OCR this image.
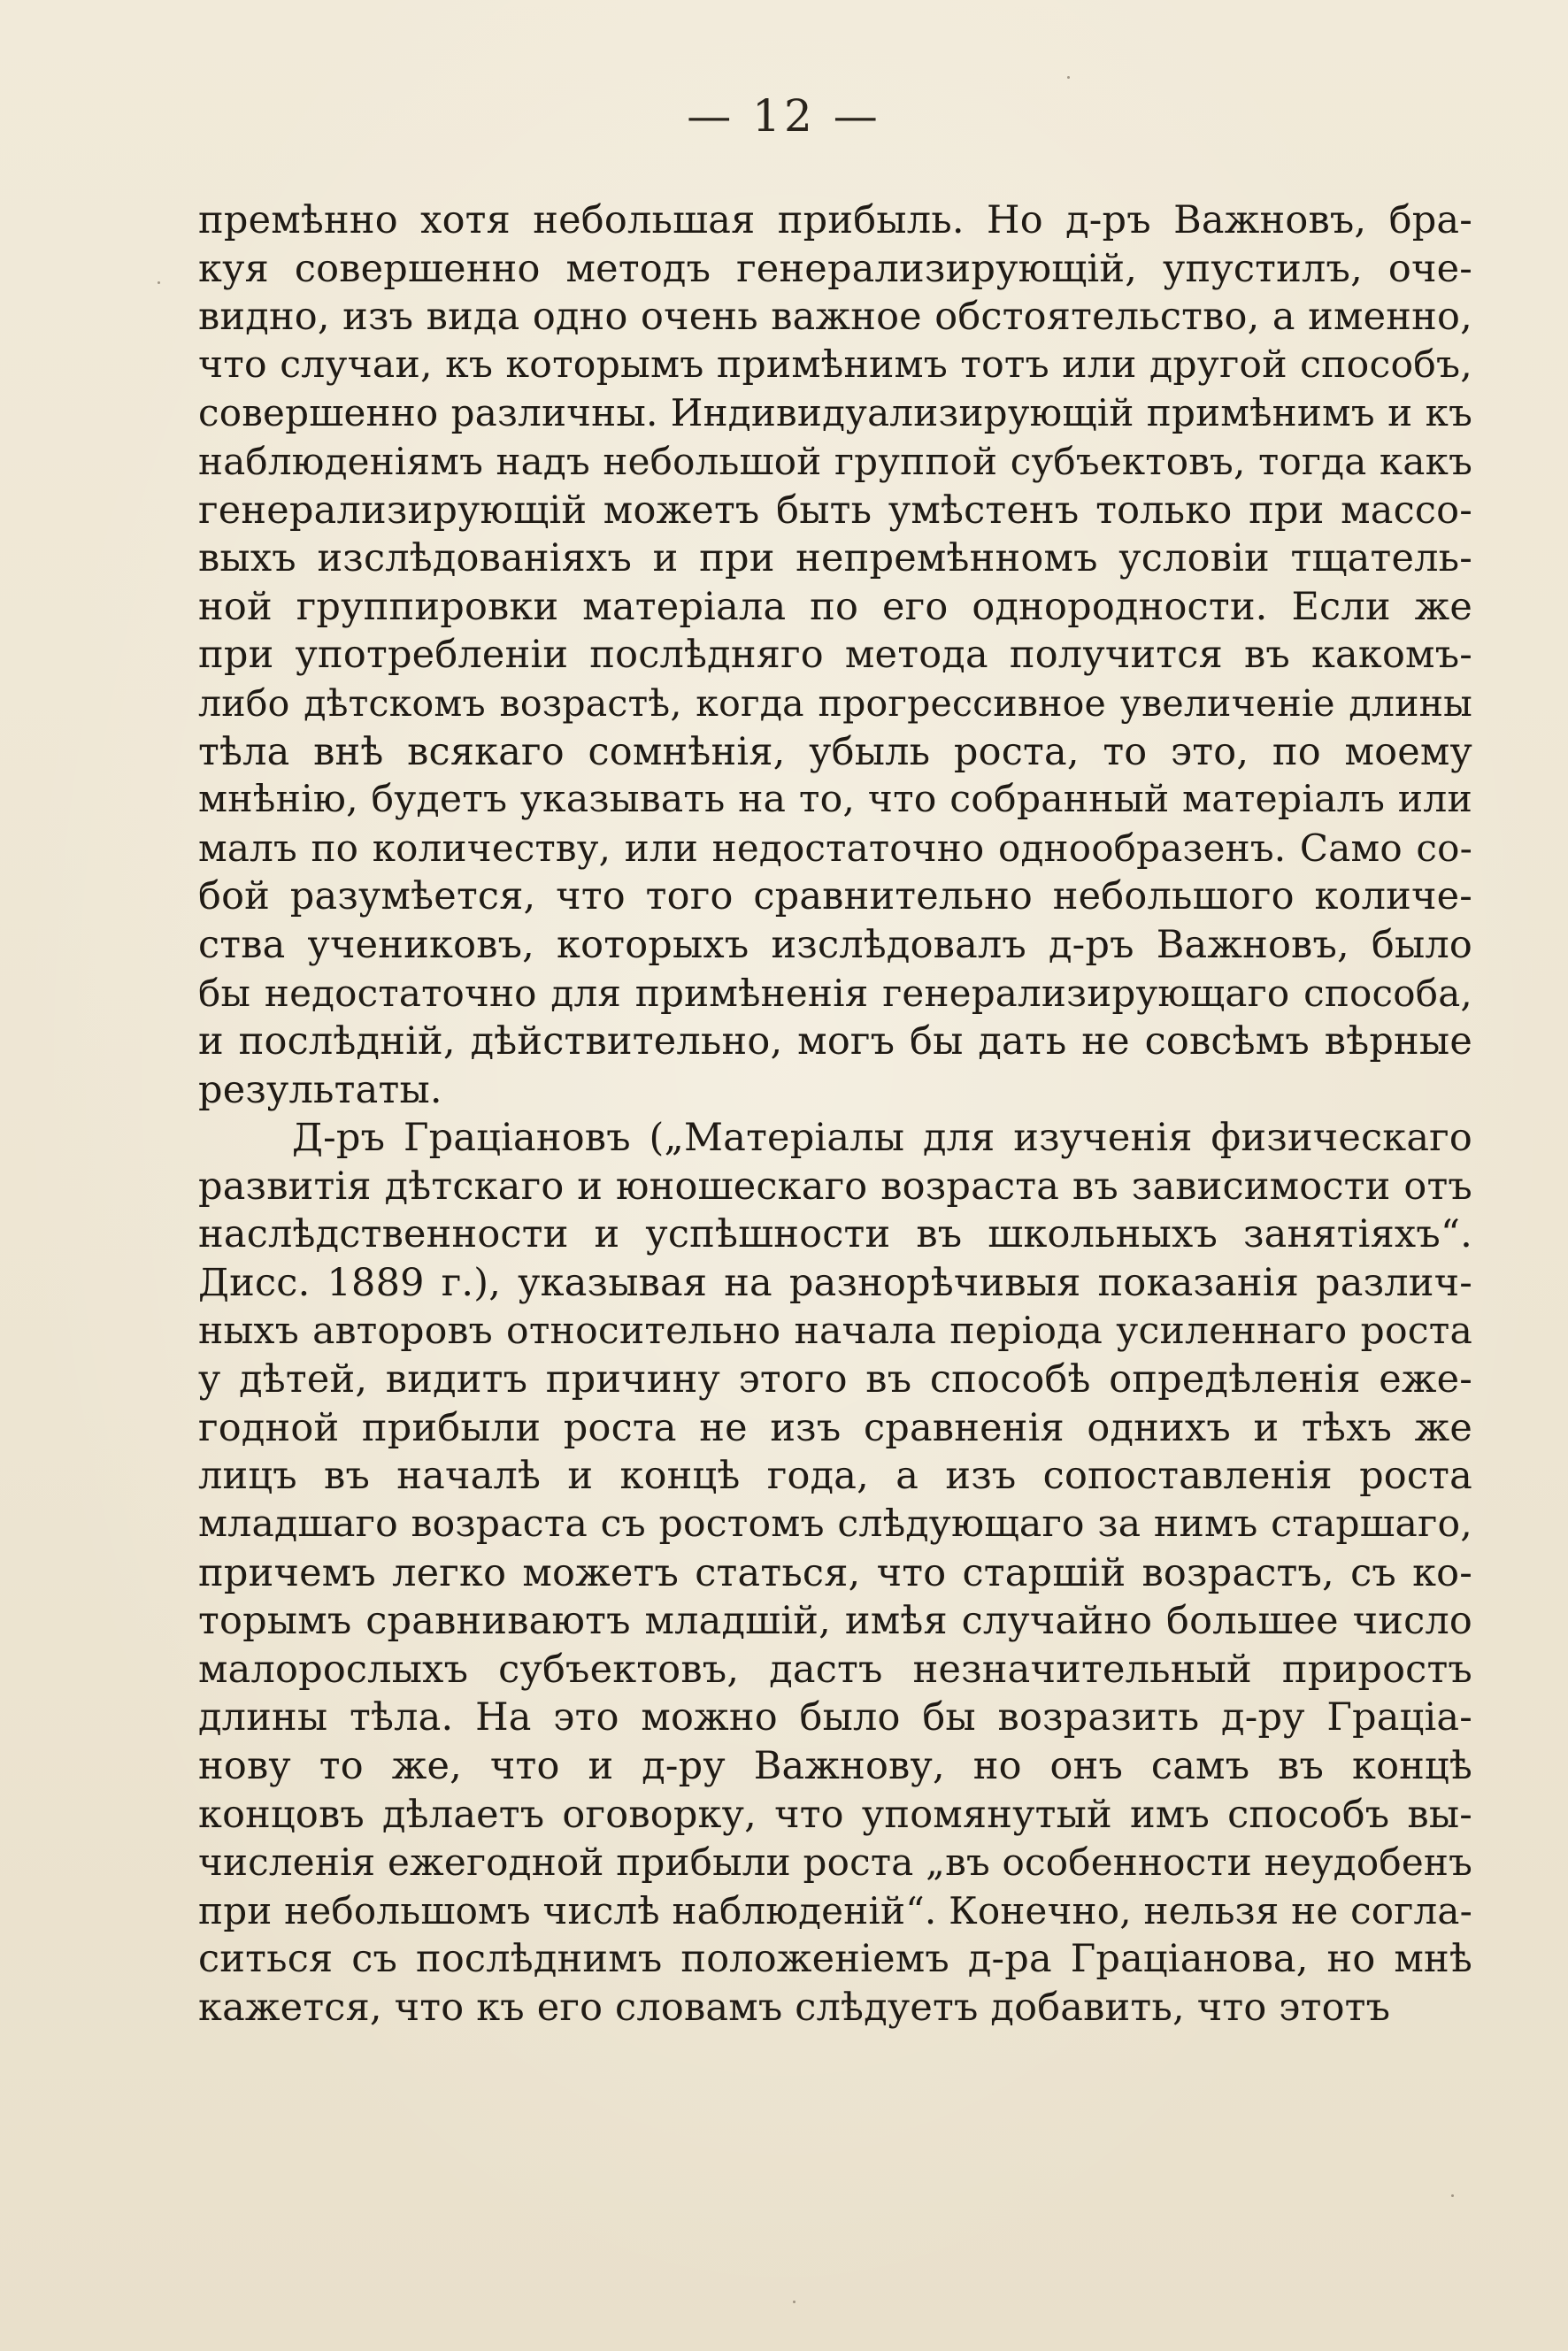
— 12 —
премѣнно хотя небольшая прибыль. Но д-ръ Важновъ, бра-
куя совершенно методъ генерализирующій, упустилъ, оче-
видно, изъ вида одно очень важное обстоятельство, а именно,
что случаи, къ которымъ примѣнимъ тотъ или другой способъ,
совершенно различны. Индивидуализирующій примѣнимъ и къ
наблюденіямъ надъ небольшой группой субъектовъ, тогда какъ
генерализирующій можетъ быть умѣстенъ только при массо-
выхъ изслѣдованіяхъ и при непремѣнномъ условіи тщатель-
ной группировки матеріала по его однородности. Если же
при употребленіи послѣдняго метода получится въ какомъ-
либо дѣтскомъ возрастѣ, когда прогрессивное увеличеніе длины
тѣла внѣ всякаго сомнѣнія, убыль роста, то это, по моему
мнѣнію, будетъ указывать на то, что собранный матеріалъ или
малъ по количеству, или недостаточно однообразенъ. Само со-
бой разумѣется, что того сравнительно небольшого количе-
ства учениковъ, которыхъ изслѣдовалъ д-ръ Важновъ, было
бы недостаточно для примѣненія генерализирующаго способа,
и послѣдній, дѣйствительно, могъ бы дать не совсѣмъ вѣрные
результаты.
Д-ръ Граціановъ („Матеріалы для изученія физическаго
развитія дѣтскаго и юношескаго возраста въ зависимости отъ
наслѣдственности и успѣшности въ школьныхъ занятіяхъ“.
Дисс. 1889 г.), указывая на разнорѣчивыя показанія различ-
ныхъ авторовъ относительно начала періода усиленнаго роста
у дѣтей, видитъ причину этого въ способѣ опредѣленія еже-
годной прибыли роста не изъ сравненія однихъ и тѣхъ же
лицъ въ началѣ и концѣ года, а изъ сопоставленія роста
младшаго возраста съ ростомъ слѣдующаго за нимъ старшаго,
причемъ легко можетъ статься, что старшій возрастъ, съ ко-
торымъ сравниваютъ младшій, имѣя случайно большее число
малорослыхъ субъектовъ, дастъ незначительный приростъ
длины тѣла. На это можно было бы возразить д-ру Граціа-
нову то же, что и д-ру Важнову, но онъ самъ въ концѣ
концовъ дѣлаетъ оговорку, что упомянутый имъ способъ вы-
численія ежегодной прибыли роста „въ особенности неудобенъ
при небольшомъ числѣ наблюденій“. Конечно, нельзя не согла-
ситься съ послѣднимъ положеніемъ д-ра Граціанова, но мнѣ
кажется, что къ его словамъ слѣдуетъ добавить, что этотъ
